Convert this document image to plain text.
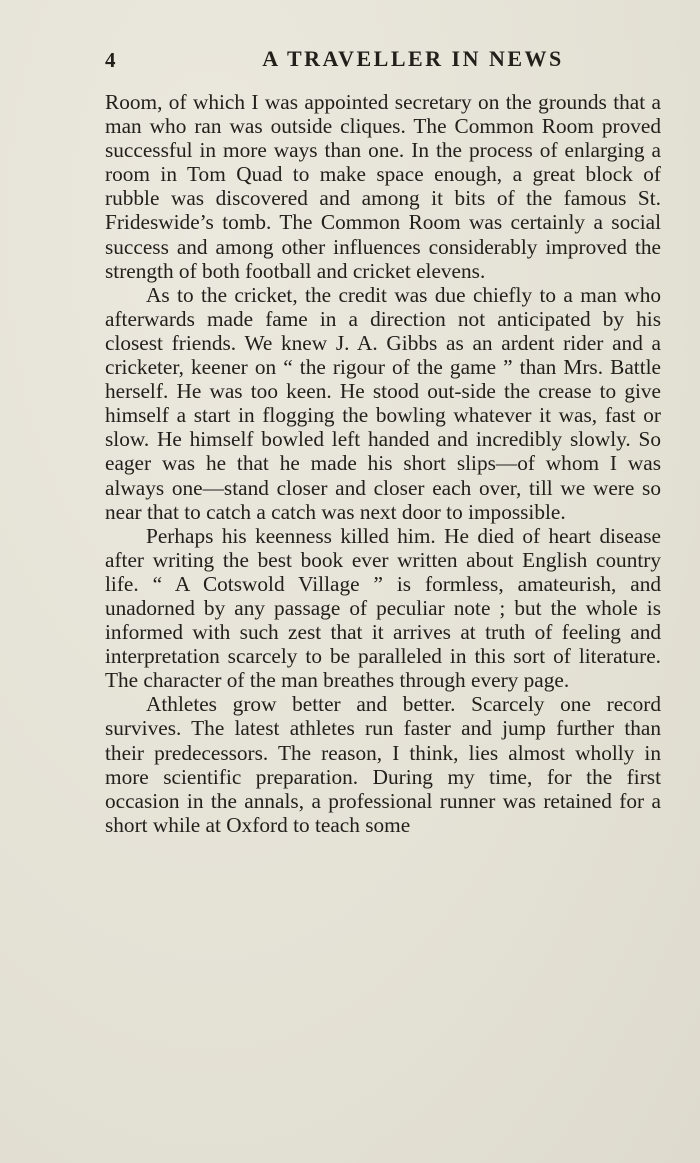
4	A TRAVELLER IN NEWS

Room, of which I was appointed secretary on the grounds that a man who ran was outside cliques. The Common Room proved successful in more ways than one. In the process of enlarging a room in Tom Quad to make space enough, a great block of rubble was discovered and among it bits of the famous St. Frideswide’s tomb. The Common Room was certainly a social success and among other influences considerably improved the strength of both football and cricket elevens.

As to the cricket, the credit was due chiefly to a man who afterwards made fame in a direction not anticipated by his closest friends. We knew J. A. Gibbs as an ardent rider and a cricketer, keener on “ the rigour of the game ” than Mrs. Battle herself. He was too keen. He stood out-side the crease to give himself a start in flogging the bowling whatever it was, fast or slow. He himself bowled left handed and incredibly slowly. So eager was he that he made his short slips—of whom I was always one—stand closer and closer each over, till we were so near that to catch a catch was next door to impossible.

Perhaps his keenness killed him. He died of heart disease after writing the best book ever written about English country life. “ A Cotswold Village ” is formless, amateurish, and unadorned by any passage of peculiar note ; but the whole is informed with such zest that it arrives at truth of feeling and interpretation scarcely to be paralleled in this sort of literature. The character of the man breathes through every page.

Athletes grow better and better. Scarcely one record survives. The latest athletes run faster and jump further than their predecessors. The reason, I think, lies almost wholly in more scientific preparation. During my time, for the first occasion in the annals, a professional runner was retained for a short while at Oxford to teach some
